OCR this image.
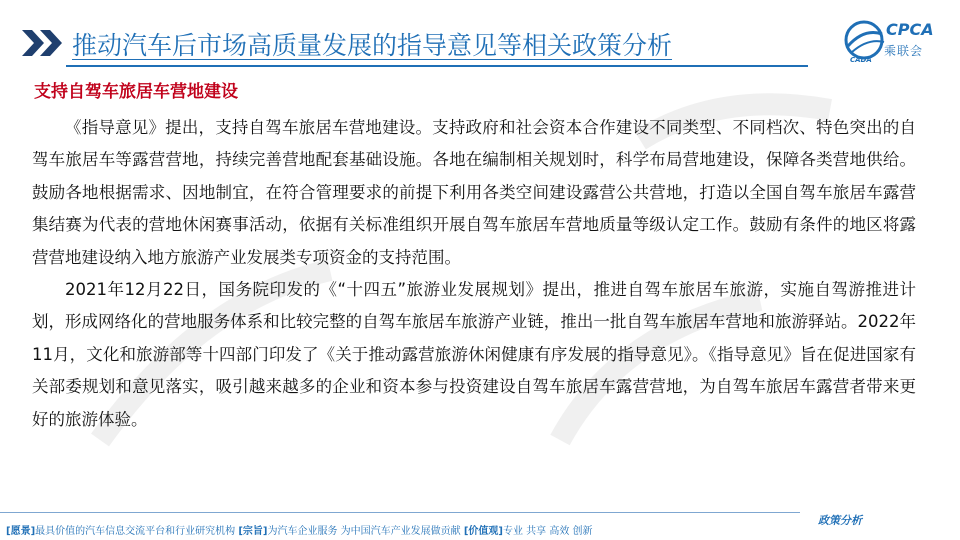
推动汽车后市场高质量发展的指导意见等相关政策分析
CPCA
乘联会
CADA
支持自驾车旅居车营地建设

《指导意见》提出，支持自驾车旅居车营地建设。支持政府和社会资本合作建设不同类型、不同档次、特色突出的自驾车旅居车等露营营地，持续完善营地配套基础设施。各地在编制相关规划时，科学布局营地建设，保障各类营地供给。鼓励各地根据需求、因地制宜，在符合管理要求的前提下利用各类空间建设露营公共营地，打造以全国自驾车旅居车露营集结赛为代表的营地休闲赛事活动，依据有关标准组织开展自驾车旅居车营地质量等级认定工作。鼓励有条件的地区将露营营地建设纳入地方旅游产业发展类专项资金的支持范围。

2021年12月22日，国务院印发的《“十四五”旅游业发展规划》提出，推进自驾车旅居车旅游，实施自驾游推进计划，形成网络化的营地服务体系和比较完整的自驾车旅居车旅游产业链，推出一批自驾车旅居车营地和旅游驿站。2022年11月，文化和旅游部等十四部门印发了《关于推动露营旅游休闲健康有序发展的指导意见》。《指导意见》旨在促进国家有关部委规划和意见落实，吸引越来越多的企业和资本参与投资建设自驾车旅居车露营营地，为自驾车旅居车露营者带来更好的旅游体验。

政策分析
[愿景]最具价值的汽车信息交流平台和行业研究机构 [宗旨]为汽车企业服务 为中国汽车产业发展做贡献 [价值观]专业 共享 高效 创新
